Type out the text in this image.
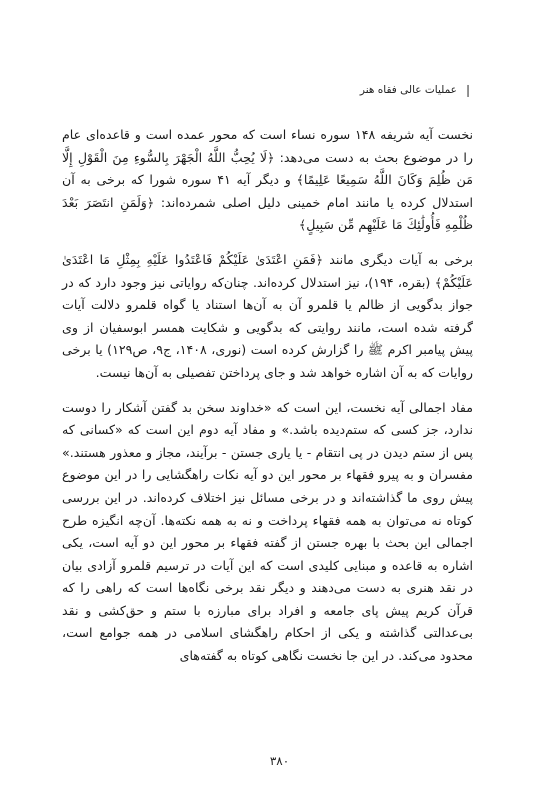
❘
عملیات عالی فقاه هنر

نخست آیه شریفه ۱۴۸ سوره نساء است که محور عمده است و قاعده‌ای عام را در موضوع بحث به دست می‌دهد: ﴿لَا يُحِبُّ اللَّهُ الْجَهْرَ بِالسُّوءِ مِنَ الْقَوْلِ إِلَّا مَن ظُلِمَ وَكَانَ اللَّهُ سَمِيعًا عَلِيمًا﴾ و دیگر آیه ۴۱ سوره شورا که برخی به آن استدلال کرده یا مانند امام خمینی دلیل اصلی شمرده‌اند: ﴿وَلَمَنِ انتَصَرَ بَعْدَ ظُلْمِهِ فَأُولَٰئِكَ مَا عَلَيْهِم مِّن سَبِيلٍ﴾

برخی به آیات دیگری مانند ﴿فَمَنِ اعْتَدَىٰ عَلَيْكُمْ فَاعْتَدُوا عَلَيْهِ بِمِثْلِ مَا اعْتَدَىٰ عَلَيْكُمْ﴾ (بقره، ۱۹۴)، نیز استدلال کرده‌اند. چنان‌که روایاتی نیز وجود دارد که در جواز بدگویی از ظالم یا قلمرو آن به آن‌ها استناد یا گواه قلمرو دلالت آیات گرفته شده است، مانند روایتی که بدگویی و شکایت همسر ابوسفیان از وی پیش پیامبر اکرم ﷺ را گزارش کرده است (نوری، ۱۴۰۸، ج۹، ص۱۲۹) یا برخی روایات که به آن اشاره خواهد شد و جای پرداختن تفصیلی به آن‌ها نیست.

مفاد اجمالی آیه نخست، این است که «خداوند سخن بد گفتن آشکار را دوست ندارد، جز کسی که ستم‌دیده باشد.» و مفاد آیه دوم این است که «کسانی که پس از ستم دیدن در پی انتقام - یا یاری جستن - برآیند، مجاز و معذور هستند.» مفسران و به پیرو فقهاء بر محور این دو آیه نکات راهگشایی را در این موضوع پیش روی ما گذاشته‌اند و در برخی مسائل نیز اختلاف کرده‌اند. در این بررسی کوتاه نه می‌توان به همه فقهاء پرداخت و نه به همه نکته‌ها. آن‌چه انگیزه طرح اجمالی این بحث با بهره جستن از گفته فقهاء بر محور این دو آیه است، یکی اشاره به قاعده و مبنایی کلیدی است که این آیات در ترسیم قلمرو آزادی بیان در نقد هنری به دست می‌دهند و دیگر نقد برخی نگاه‌ها است که راهی را که قرآن کریم پیش پای جامعه و افراد برای مبارزه با ستم و حق‌کشی و نقد بی‌عدالتی گذاشته و یکی از احکام راهگشای اسلامی در همه جوامع است، محدود می‌کند. در این جا نخست نگاهی کوتاه به گفته‌های

۳۸۰
